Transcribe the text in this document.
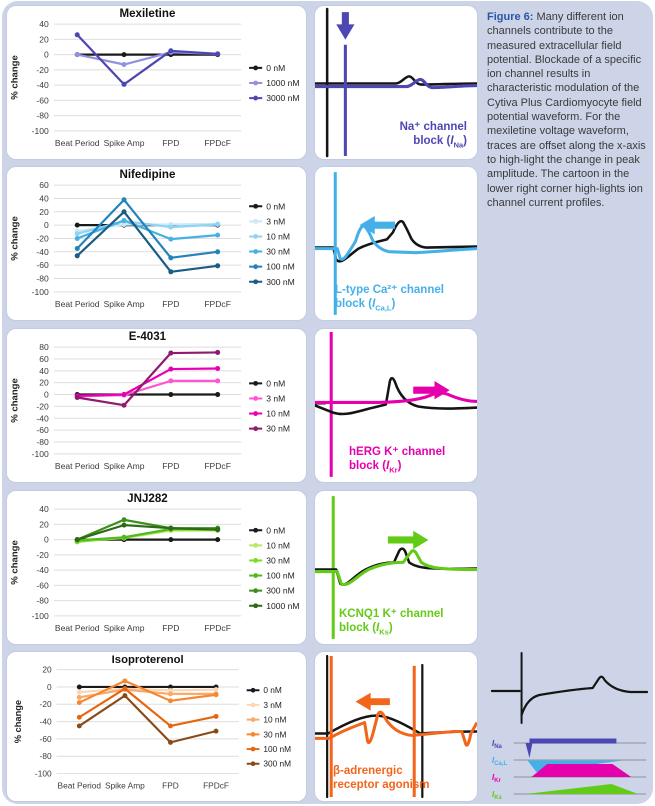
40
20
0
-20
-40
-60
-80
-100
Beat Period Spike Amp FPD	FPDcF
Mexiletine
% change	0 nM
1000 nM
3000 nM
60
40
20
0
-20
-40
-60
-80
-100
Beat Period Spike Amp FPD	FPDcF
Nifedipine
% change
0 nM
3 nM
10 nM
30 nM
100 nM
300 nM
80
60
40
20
0
-20
-40
-60
-80
-100
Beat Period Spike Amp FPD	FPDcF
E-4031
% change	0 nM
3 nM
10 nM
30 nM
40
20
0
-20
-40
-60
-80
-100
Beat Period Spike Amp FPD	FPDcF
JNJ282
% change
0 nM
10 nM
30 nM
100 nM
300 nM
1000 nM
20
0
-20
-40
-60
-80
-100
Beat Period Spike Amp FPD	FPDcF
Isoproterenol
% change
0 nM
3 nM
10 nM
30 nM
100 nM
300 nM
Na⁺ channel
block $(I_{Na})$
L-type Ca²⁺ channel
block $(I_{Ca,L})$
hERG K⁺ channel
block $(I_{Kr})$
KCNQ1 K⁺ channel
block $(I_{Ks})$
β-adrenergic
receptor agonism
Figure 6: Many different ion channels contribute to the measured extracellular field potential. Blockade of a specific ion channel results in characteristic modulation of the Cytiva Plus Cardiomyocyte field potential waveform. For the mexiletine voltage waveform, traces are offset along the x-axis to high-light the change in peak amplitude. The cartoon in the lower right corner high-lights ion channel current profiles.
$I_{Na}$
$I_{Ca,L}$
$I_{Kr}$
$I_{Ks}$
